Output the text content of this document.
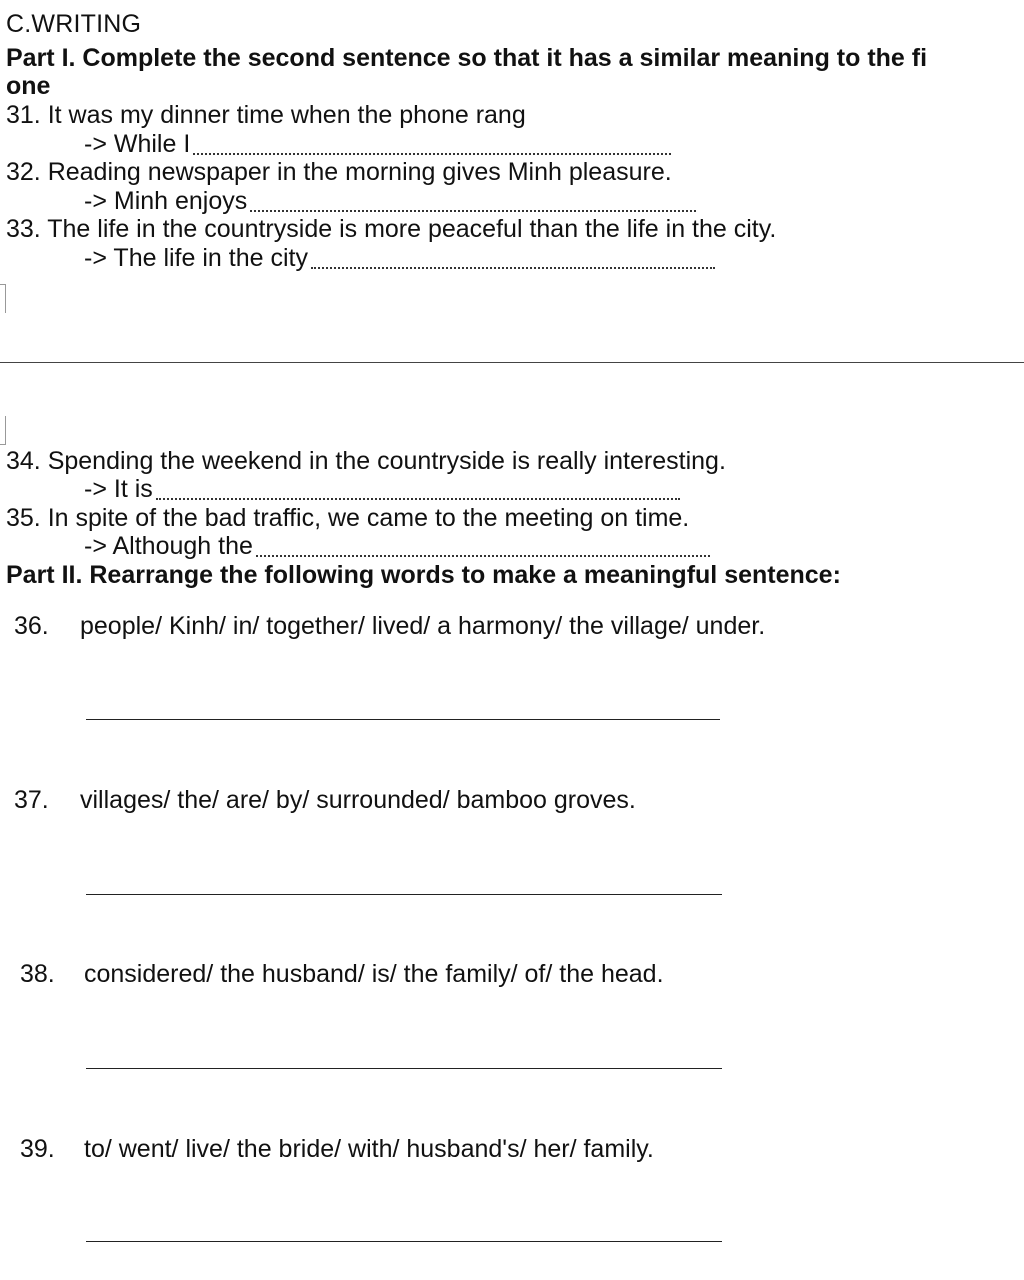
C.WRITING
Part I. Complete the second sentence so that it has a similar meaning to the fi
one
31. It was my dinner time when the phone rang
-> While I
32. Reading newspaper in the morning gives Minh pleasure.
-> Minh enjoys
33. The life in the countryside is more peaceful than the life in the city.
-> The life in the city
34. Spending the weekend in the countryside is really interesting.
-> It is
35. In spite of the bad traffic, we came to the meeting on time.
-> Although the
Part II. Rearrange the following words to make a meaningful sentence:
36. people/ Kinh/ in/ together/ lived/ a harmony/ the village/ under.
37. villages/ the/ are/ by/ surrounded/ bamboo groves.
38. considered/ the husband/ is/ the family/ of/ the head.
39. to/ went/ live/ the bride/ with/ husband's/ her/ family.
